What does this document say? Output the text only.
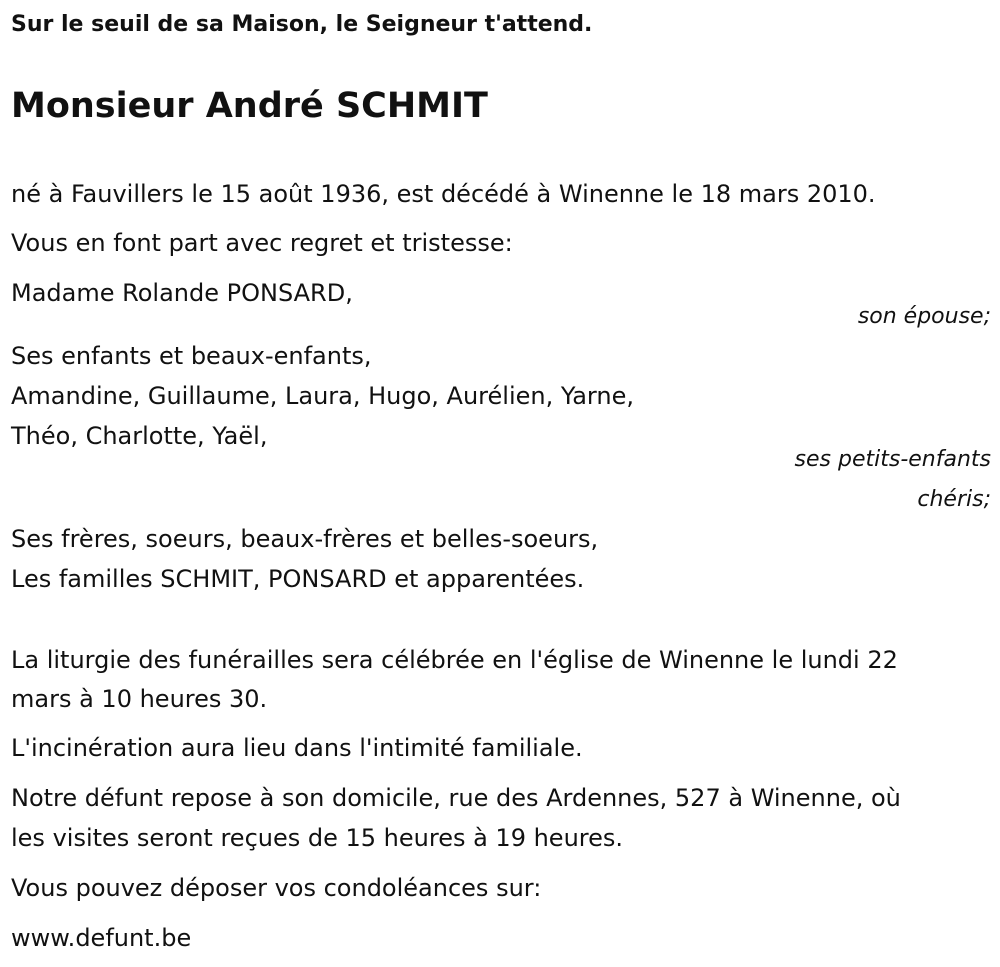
Sur le seuil de sa Maison, le Seigneur t'attend.
Monsieur André SCHMIT
né à Fauvillers le 15 août 1936, est décédé à Winenne le 18 mars 2010.
Vous en font part avec regret et tristesse:
Madame Rolande PONSARD,
son épouse;
Ses enfants et beaux-enfants,
Amandine, Guillaume, Laura, Hugo, Aurélien, Yarne,
Théo, Charlotte, Yaël,
ses petits-enfants
chéris;
Ses frères, soeurs, beaux-frères et belles-soeurs,
Les familles SCHMIT, PONSARD et apparentées.
La liturgie des funérailles sera célébrée en l'église de Winenne le lundi 22
mars à 10 heures 30.
L'incinération aura lieu dans l'intimité familiale.
Notre défunt repose à son domicile, rue des Ardennes, 527 à Winenne, où
les visites seront reçues de 15 heures à 19 heures.
Vous pouvez déposer vos condoléances sur:
www.defunt.be
